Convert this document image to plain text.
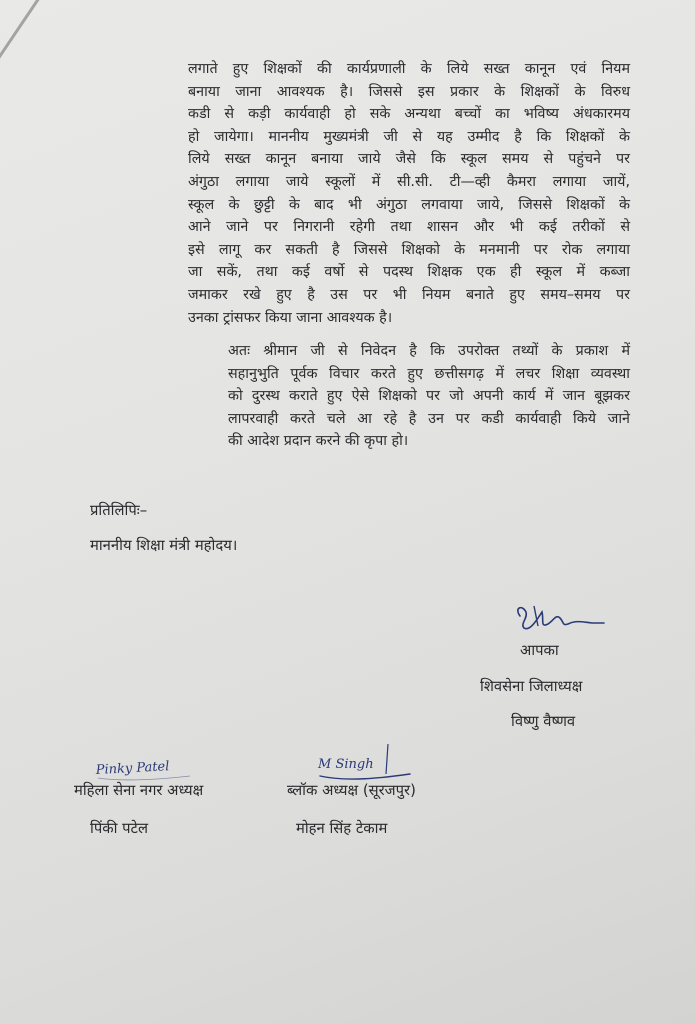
लगाते हुए शिक्षकों की कार्यप्रणाली के लिये सख्त कानून एवं नियम
बनाया जाना आवश्यक है। जिससे इस प्रकार के शिक्षकों के विरुध
कडी से कड़ी कार्यवाही हो सके अन्यथा बच्चों का भविष्य अंधकारमय
हो जायेगा। माननीय मुख्यमंत्री जी से यह उम्मीद है कि शिक्षकों के
लिये सख्त कानून बनाया जाये जैसे कि स्कूल समय से पहुंचने पर
अंगुठा लगाया जाये स्कूलों में सी.सी. टी—व्ही कैमरा लगाया जायें,
स्कूल के छुट्टी के बाद भी अंगुठा लगवाया जाये, जिससे शिक्षकों के
आने जाने पर निगरानी रहेगी तथा शासन और भी कई तरीकों से
इसे लागू कर सकती है जिससे शिक्षको के मनमानी पर रोक लगाया
जा सकें, तथा कई वर्षो से पदस्थ शिक्षक एक ही स्कूल में कब्जा
जमाकर रखे हुए है उस पर भी नियम बनाते हुए समय–समय पर
उनका ट्रांसफर किया जाना आवश्यक है।

अतः श्रीमान जी से निवेदन है कि उपरोक्त तथ्यों के प्रकाश में
सहानुभुति पूर्वक विचार करते हुए छत्तीसगढ़ में लचर शिक्षा व्यवस्था
को दुरस्थ कराते हुए ऐसे शिक्षको पर जो अपनी कार्य में जान बूझकर
लापरवाही करते चले आ रहे है उन पर कडी कार्यवाही किये जाने
की आदेश प्रदान करने की कृपा हो।

प्रतिलिपिः–

माननीय शिक्षा मंत्री महोदय।

आपका

शिवसेना जिलाध्यक्ष

विष्णु वैष्णव

Pinky Patel

महिला सेना नगर अध्यक्ष

पिंकी पटेल

M Singh

ब्लॉक अध्यक्ष (सूरजपुर)

मोहन सिंह टेकाम
